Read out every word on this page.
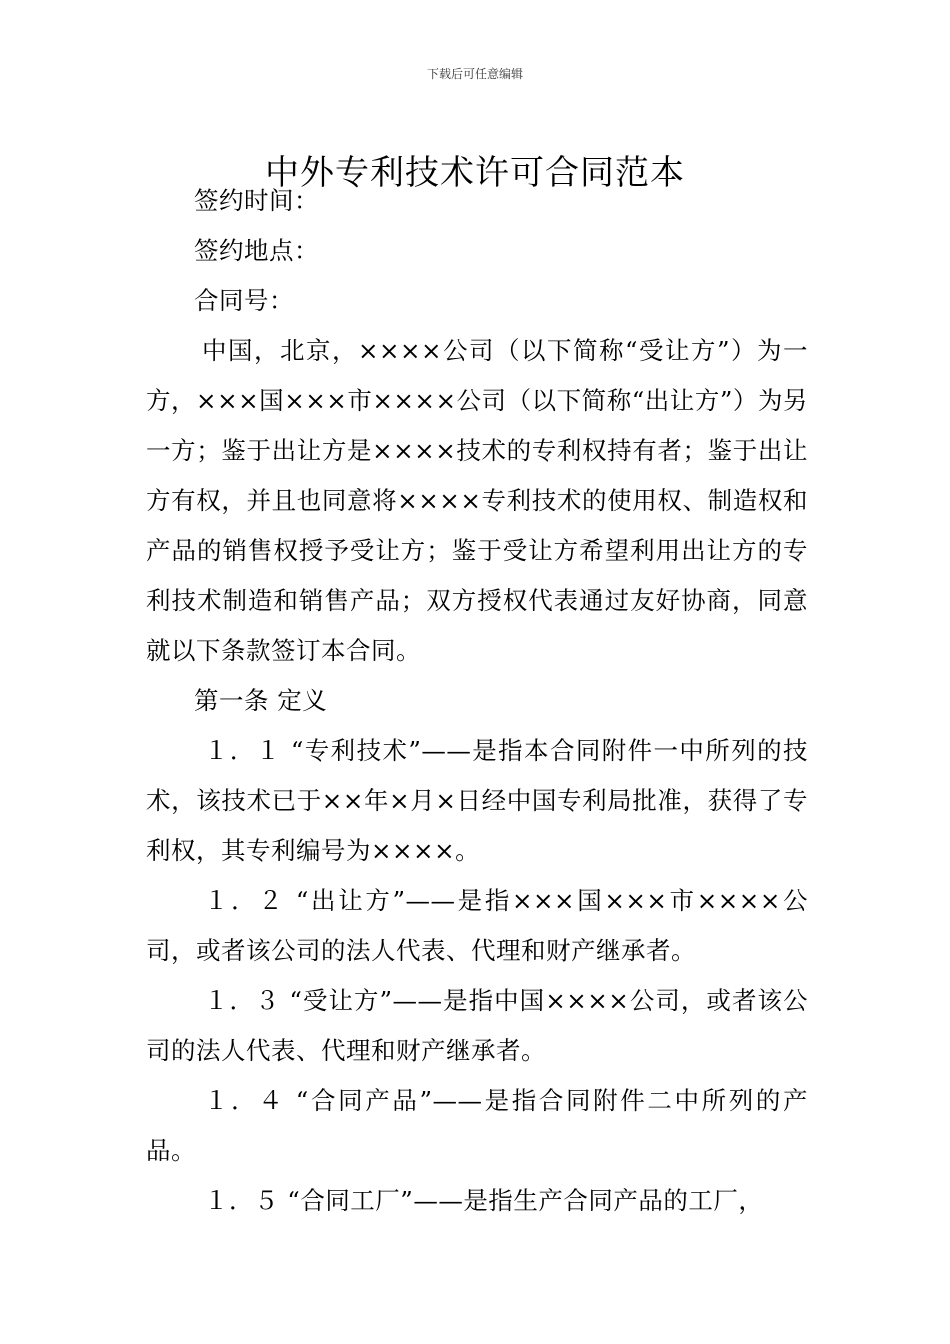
下载后可任意编辑
中外专利技术许可合同范本

签约时间：

签约地点：

合同号：

中国，北京，××××公司（以下简称“受让方”）为一方，×××国×××市××××公司（以下简称“出让方”）为另一方；鉴于出让方是××××技术的专利权持有者；鉴于出让方有权，并且也同意将××××专利技术的使用权、制造权和产品的销售权授予受让方；鉴于受让方希望利用出让方的专利技术制造和销售产品；双方授权代表通过友好协商，同意就以下条款签订本合同。

第一条 定义

１．１ “专利技术”——是指本合同附件一中所列的技术，该技术已于××年×月×日经中国专利局批准，获得了专利权，其专利编号为××××。

１．２ “出让方”——是指×××国×××市××××公司，或者该公司的法人代表、代理和财产继承者。

１．３ “受让方”——是指中国××××公司，或者该公司的法人代表、代理和财产继承者。

１．４ “合同产品”——是指合同附件二中所列的产品。

１．５ “合同工厂”——是指生产合同产品的工厂，
